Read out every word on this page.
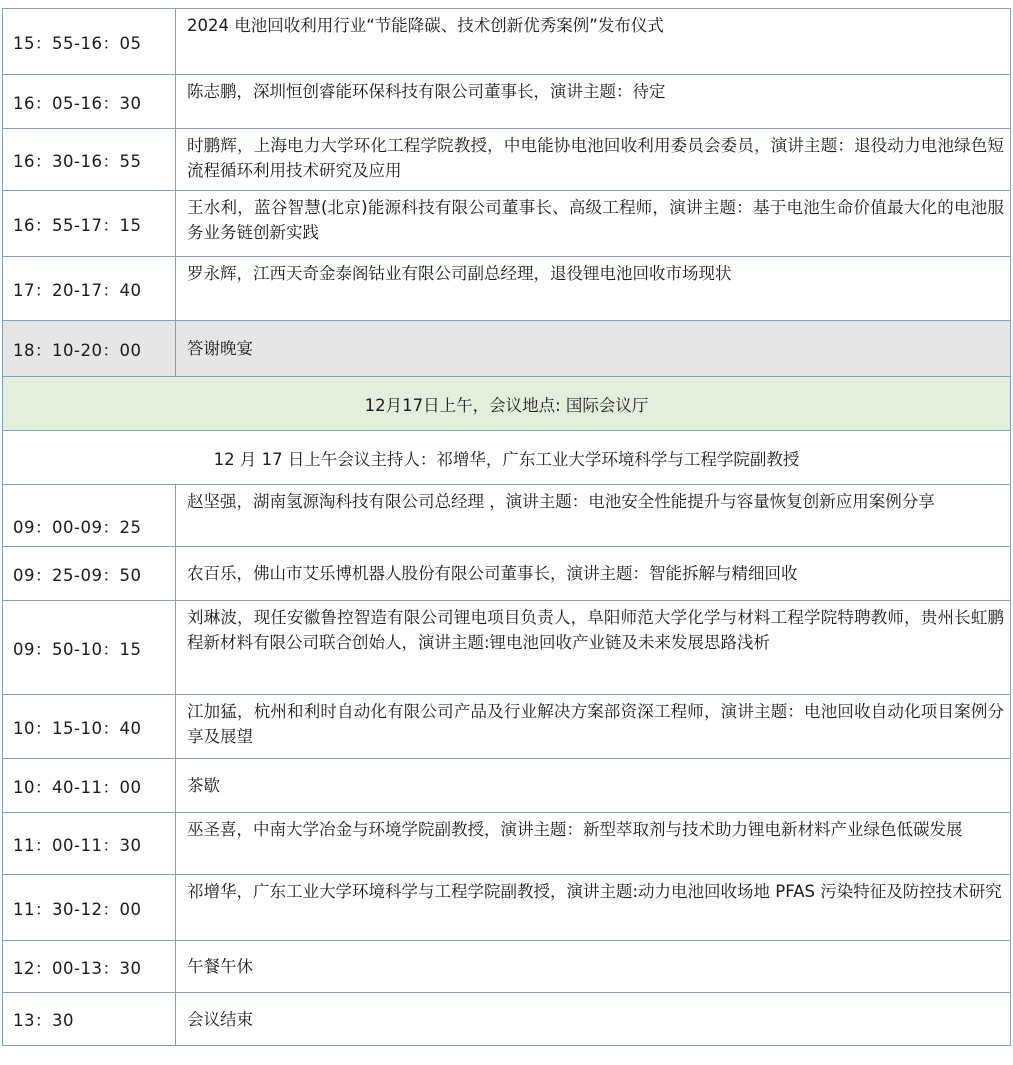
15：55-16：05	2024 电池回收利用行业“节能降碳、技术创新优秀案例”发布仪式
16：05-16：30	陈志鹏，深圳恒创睿能环保科技有限公司董事长，演讲主题：待定
16：30-16：55	时鹏辉，上海电力大学环化工程学院教授，中电能协电池回收利用委员会委员，演讲主题：退役动力电池绿色短流程循环利用技术研究及应用
16：55-17：15	王水利，蓝谷智慧(北京)能源科技有限公司董事长、高级工程师，演讲主题：基于电池生命价值最大化的电池服务业务链创新实践
17：20-17：40	罗永辉，江西天奇金泰阁钴业有限公司副总经理，退役锂电池回收市场现状
18：10-20：00	答谢晚宴
12月17日上午，会议地点: 国际会议厅	
12 月 17 日上午会议主持人：祁增华，广东工业大学环境科学与工程学院副教授	
09：00-09：25	赵坚强，湖南氢源淘科技有限公司总经理 ，演讲主题：电池安全性能提升与容量恢复创新应用案例分享
09：25-09：50	农百乐，佛山市艾乐博机器人股份有限公司董事长，演讲主题：智能拆解与精细回收
09：50-10：15	刘琳波，现任安徽鲁控智造有限公司锂电项目负责人，阜阳师范大学化学与材料工程学院特聘教师，贵州长虹鹏程新材料有限公司联合创始人，演讲主题:锂电池回收产业链及未来发展思路浅析
10：15-10：40	江加猛，杭州和利时自动化有限公司产品及行业解决方案部资深工程师，演讲主题：电池回收自动化项目案例分享及展望
10：40-11：00	茶歇
11：00-11：30	巫圣喜，中南大学冶金与环境学院副教授，演讲主题：新型萃取剂与技术助力锂电新材料产业绿色低碳发展
11：30-12：00	祁增华，广东工业大学环境科学与工程学院副教授，演讲主题:动力电池回收场地 PFAS 污染特征及防控技术研究
12：00-13：30	午餐午休
13：30	会议结束
